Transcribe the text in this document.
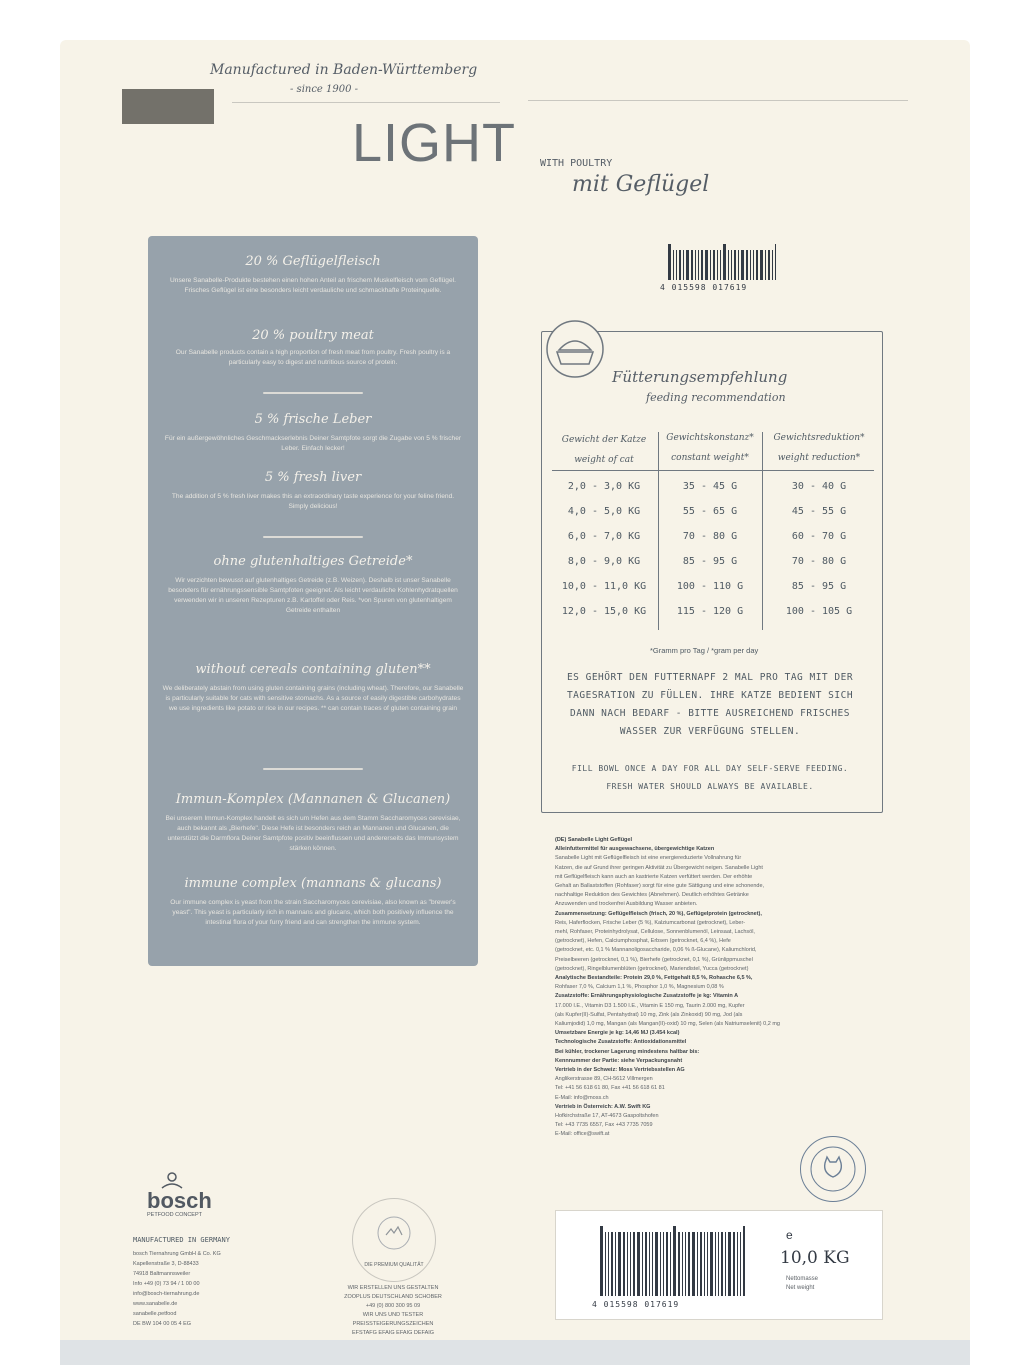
Manufactured in Baden-Württemberg
- since 1900 -
LIGHT WITH POULTRY
mit Geflügel
4 015598 017619
20 % Geflügelfleisch
Unsere Sanabelle-Produkte bestehen einen hohen Anteil an frischem Muskelfleisch vom Geflügel. Frisches Geflügel ist eine besonders leicht verdauliche und schmackhafte Proteinquelle.
20 % poultry meat
Our Sanabelle products contain a high proportion of fresh meat from poultry. Fresh poultry is a particularly easy to digest and nutritious source of protein.
5 % frische Leber
Für ein außergewöhnliches Geschmackserlebnis Deiner Samtpfote sorgt die Zugabe von 5 % frischer Leber. Einfach lecker!
5 % fresh liver
The addition of 5 % fresh liver makes this an extraordinary taste experience for your feline friend. Simply delicious!
ohne glutenhaltiges Getreide*
Wir verzichten bewusst auf glutenhaltiges Getreide (z.B. Weizen). Deshalb ist unser Sanabelle besonders für ernährungssensible Samtpfoten geeignet. Als leicht verdauliche Kohlenhydratquellen verwenden wir in unseren Rezepturen z.B. Kartoffel oder Reis. *von Spuren von glutenhaltigem Getreide enthalten
without cereals containing gluten**
We deliberately abstain from using gluten containing grains (including wheat). Therefore, our Sanabelle is particularly suitable for cats with sensitive stomachs. As a source of easily digestible carbohydrates we use ingredients like potato or rice in our recipes. ** can contain traces of gluten containing grain
Immun-Komplex (Mannanen & Glucanen)
Bei unserem Immun-Komplex handelt es sich um Hefen aus dem Stamm Saccharomyces cerevisiae, auch bekannt als „Bierhefe". Diese Hefe ist besonders reich an Mannanen und Glucanen, die unterstützt die Darmflora Deiner Samtpfote positiv beeinflussen und andererseits das Immunsystem stärken können.
immune complex (mannans & glucans)
Our immune complex is yeast from the strain Saccharomyces cerevisiae, also known as "brewer's yeast". This yeast is particularly rich in mannans and glucans, which both positively influence the intestinal flora of your furry friend and can strengthen the immune system.
Fütterungsempfehlung
feeding recommendation
Gewicht der Katze	Gewichtskonstanz*	Gewichtsreduktion*
weight of cat	constant weight*	weight reduction*
2,0 - 3,0 KG	35 - 45 G	30 - 40 G
4,0 - 5,0 KG	55 - 65 G	45 - 55 G
6,0 - 7,0 KG	70 - 80 G	60 - 70 G
8,0 - 9,0 KG	85 - 95 G	70 - 80 G
10,0 - 11,0 KG	100 - 110 G	85 - 95 G
12,0 - 15,0 KG	115 - 120 G	100 - 105 G
*Gramm pro Tag / *gram per day
ES GEHÖRT DEN FUTTERNAPF 2 MAL PRO TAG MIT DER
TAGESRATION ZU FÜLLEN. IHRE KATZE BEDIENT SICH
DANN NACH BEDARF - BITTE AUSREICHEND FRISCHES
WASSER ZUR VERFÜGUNG STELLEN.
FILL BOWL ONCE A DAY FOR ALL DAY SELF-SERVE FEEDING.
FRESH WATER SHOULD ALWAYS BE AVAILABLE.
(DE) Sanabelle Light Geflügel
Alleinfuttermittel für ausgewachsene, übergewichtige Katzen
Sanabelle Light mit Geflügelfleisch ist eine energiereduzierte Vollnahrung für
Katzen, die auf Grund ihrer geringen Aktivität zu Übergewicht neigen. Sanabelle Light
mit Geflügelfleisch kann auch an kastrierte Katzen verfüttert werden. Der erhöhte
Gehalt an Ballaststoffen (Rohfaser) sorgt für eine gute Sättigung und eine schonende,
nachhaltige Reduktion des Gewichtes (Abnehmen). Deutlich erhöhtes Getränke
Anzuwenden und trockenfrei Ausbildung Wasser anbieten.
Zusammensetzung: Geflügelfleisch (frisch, 20 %), Geflügelprotein (getrocknet),
Reis, Haferflocken, Frische Leber (5 %), Kalziumcarbonat (getrocknet), Leber-
mehl, Rohfaser, Proteinhydrolysat, Cellulose, Sonnenblumenöl, Leinsaat, Lachsöl,
(getrocknet), Hefen, Calciumphosphat, Erbsen (getrocknet, 6,4 %), Hefe
(getrocknet, etc. 0,1 % Mannanoligosaccharide, 0,06 % ß-Glucane), Kaliumchlorid,
Preiselbeeren (getrocknet, 0,1 %), Bierhefe (getrocknet, 0,1 %), Grünlippmuschel
(getrocknet), Ringelblumenblüten (getrocknet), Mariendistel, Yucca (getrocknet)
Analytische Bestandteile: Protein 29,0 %, Fettgehalt 8,5 %, Rohasche 6,5 %,
Rohfaser 7,0 %, Calcium 1,1 %, Phosphor 1,0 %, Magnesium 0,08 %
Zusatzstoffe: Ernährungsphysiologische Zusatzstoffe je kg: Vitamin A
17.000 I.E., Vitamin D3 1.500 I.E., Vitamin E 150 mg, Taurin 2.000 mg, Kupfer
(als Kupfer(II)-Sulfat, Pentahydrat) 10 mg, Zink (als Zinkoxid) 90 mg, Jod (als
Kaliumjodid) 1,0 mg, Mangan (als Mangan(II)-oxid) 10 mg, Selen (als Natriumselenit) 0,2 mg
Umsetzbare Energie je kg: 14,46 MJ (3.454 kcal)
Technologische Zusatzstoffe: Antioxidationsmittel
Bei kühler, trockener Lagerung mindestens haltbar bis:
Kennnummer der Partie: siehe Verpackungsnaht
Vertrieb in der Schweiz: Moss Vertriebsstellen AG
Anglikerstrasse 89, CH-5612 Villmergen
Tel: +41 56 618 61 80, Fax +41 56 618 61 81
E-Mail: info@moss.ch
Vertrieb in Österreich: A.W. Swift KG
Hofkirchstraße 17, AT-4673 Gaspoltshofen
Tel: +43 7735 6557, Fax +43 7735 7059
E-Mail: office@swift.at
bosch
PETFOOD CONCEPT
MANUFACTURED IN GERMANY
bosch Tiernahrung GmbH & Co. KG
Kapellenstraße 3, D-88433
74918 Baltmannsweiler
Info +49 (0) 73 94 / 1 00 00
info@bosch-tiernahrung.de
www.sanabelle.de
sanabelle.petfood
DE BW 104 00 05 4 EG
DIE PREMIUM QUALITÄT
WIR ERSTELLEN UNS GESTALTEN
ZOOPLUS DEUTSCHLAND SCHOBER
+49 (0) 800 300 95 09
WIR UNS UND TESTER
PREISSTEIGERUNGSZEICHEN
EFSTAFG EFAIG EFAIG DEFAIG
4 015598 017619
e
10,0 KG
Nettomasse
Net weight
